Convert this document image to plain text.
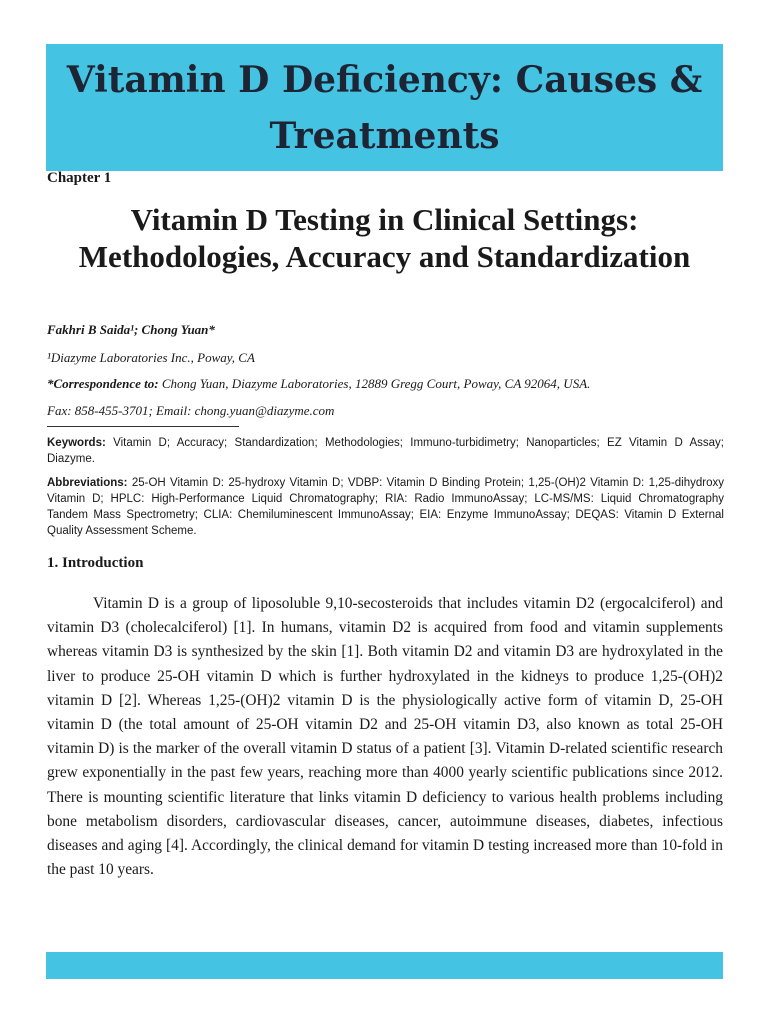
Vitamin D Deficiency: Causes & Treatments
Chapter 1
Vitamin D Testing in Clinical Settings: Methodologies, Accuracy and Standardization
Fakhri B Saida¹; Chong Yuan*
¹Diazyme Laboratories Inc., Poway, CA
*Correspondence to: Chong Yuan, Diazyme Laboratories, 12889 Gregg Court, Poway, CA 92064, USA.
Fax: 858-455-3701; Email: chong.yuan@diazyme.com
Keywords: Vitamin D; Accuracy; Standardization; Methodologies; Immuno-turbidimetry; Nanoparticles; EZ Vitamin D Assay; Diazyme.
Abbreviations: 25-OH Vitamin D: 25-hydroxy Vitamin D; VDBP: Vitamin D Binding Protein; 1,25-(OH)2 Vitamin D: 1,25-dihydroxy Vitamin D; HPLC: High-Performance Liquid Chromatography; RIA: Radio ImmunoAssay; LC-MS/MS: Liquid Chromatography Tandem Mass Spectrometry; CLIA: Chemiluminescent ImmunoAssay; EIA: Enzyme ImmunoAssay; DEQAS: Vitamin D External Quality Assessment Scheme.
1. Introduction

Vitamin D is a group of liposoluble 9,10-secosteroids that includes vitamin D2 (ergocalciferol) and vitamin D3 (cholecalciferol) [1]. In humans, vitamin D2 is acquired from food and vitamin supplements whereas vitamin D3 is synthesized by the skin [1]. Both vitamin D2 and vitamin D3 are hydroxylated in the liver to produce 25-OH vitamin D which is further hydroxylated in the kidneys to produce 1,25-(OH)2 vitamin D [2]. Whereas 1,25-(OH)2 vitamin D is the physiologically active form of vitamin D, 25-OH vitamin D (the total amount of 25-OH vitamin D2 and 25-OH vitamin D3, also known as total 25-OH vitamin D) is the marker of the overall vitamin D status of a patient [3]. Vitamin D-related scientific research grew exponentially in the past few years, reaching more than 4000 yearly scientific publications since 2012. There is mounting scientific literature that links vitamin D deficiency to various health problems including bone metabolism disorders, cardiovascular diseases, cancer, autoimmune diseases, diabetes, infectious diseases and aging [4]. Accordingly, the clinical demand for vitamin D testing increased more than 10-fold in the past 10 years.
